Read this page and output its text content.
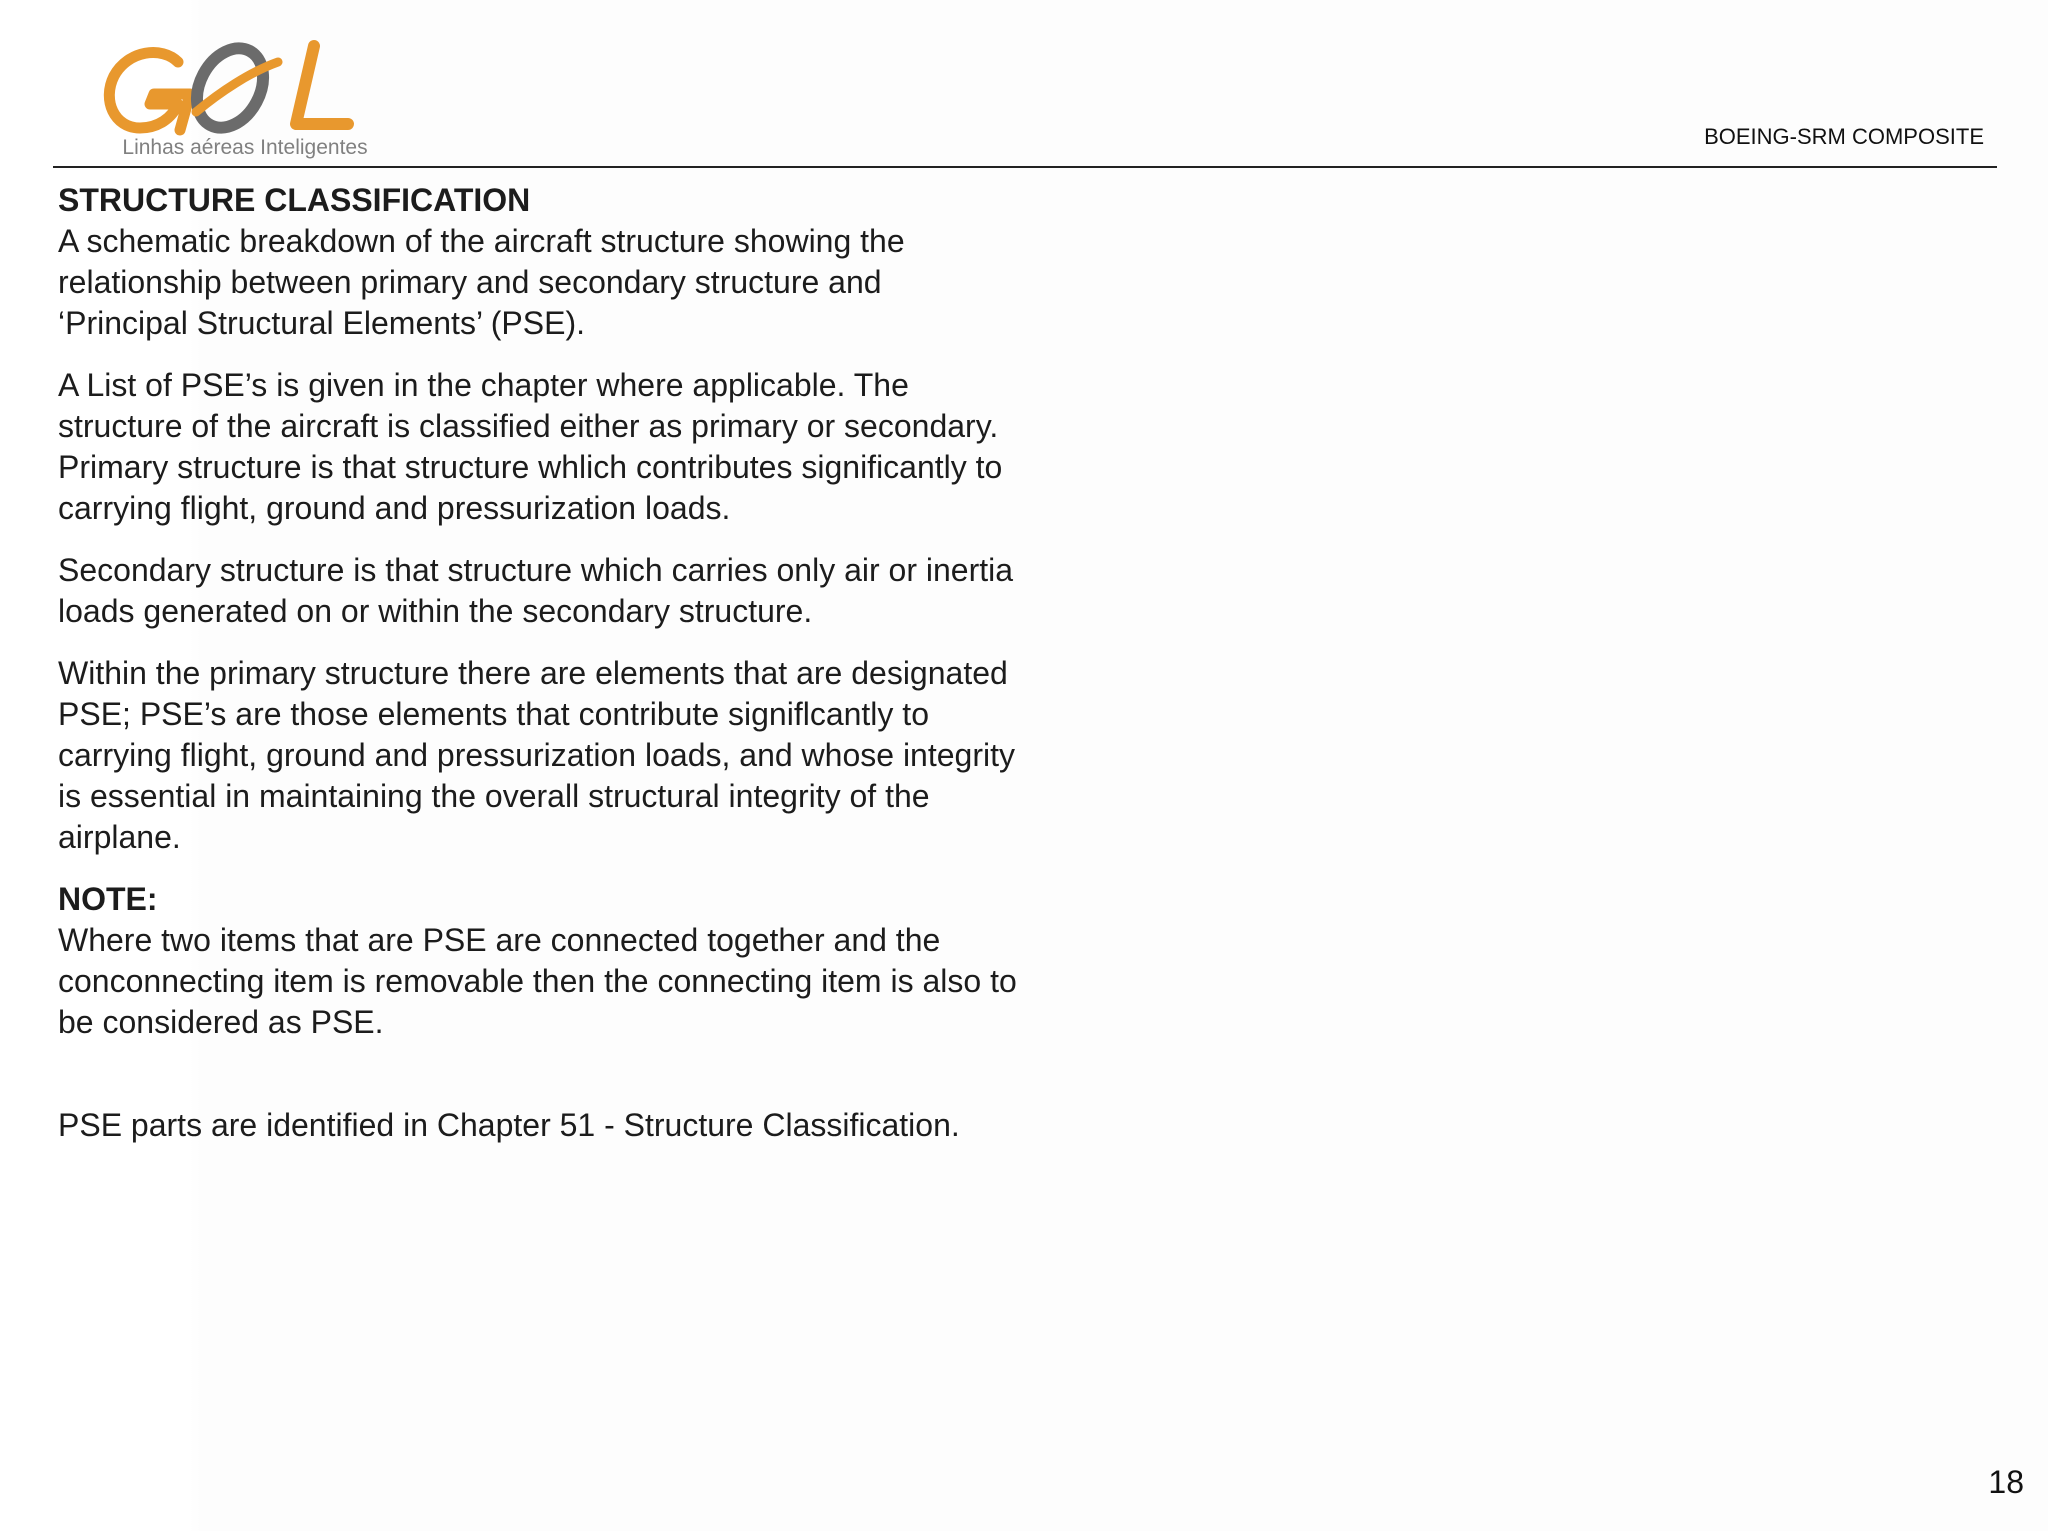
Linhas aéreas Inteligentes	BOEING-SRM COMPOSITE
STRUCTURE CLASSIFICATION

A schematic breakdown of the aircraft structure showing the relationship between primary and secondary structure and ‘Principal Structural Elements’ (PSE).

A List of PSE’s is given in the chapter where applicable. The structure of the aircraft is classified either as primary or secondary. Primary structure is that structure whlich contributes significantly to carrying flight, ground and pressurization loads.

Secondary structure is that structure which carries only air or inertia loads generated on or within the secondary structure.

Within the primary structure there are elements that are designated PSE; PSE’s are those elements that contribute signiflcantly to carrying flight, ground and pressurization loads, and whose integrity is essential in maintaining the overall structural integrity of the airplane.

NOTE:

Where two items that are PSE are connected together and the conconnecting item is removable then the connecting item is also to be considered as PSE.

PSE parts are identified in Chapter 51 - Structure Classification.

18
